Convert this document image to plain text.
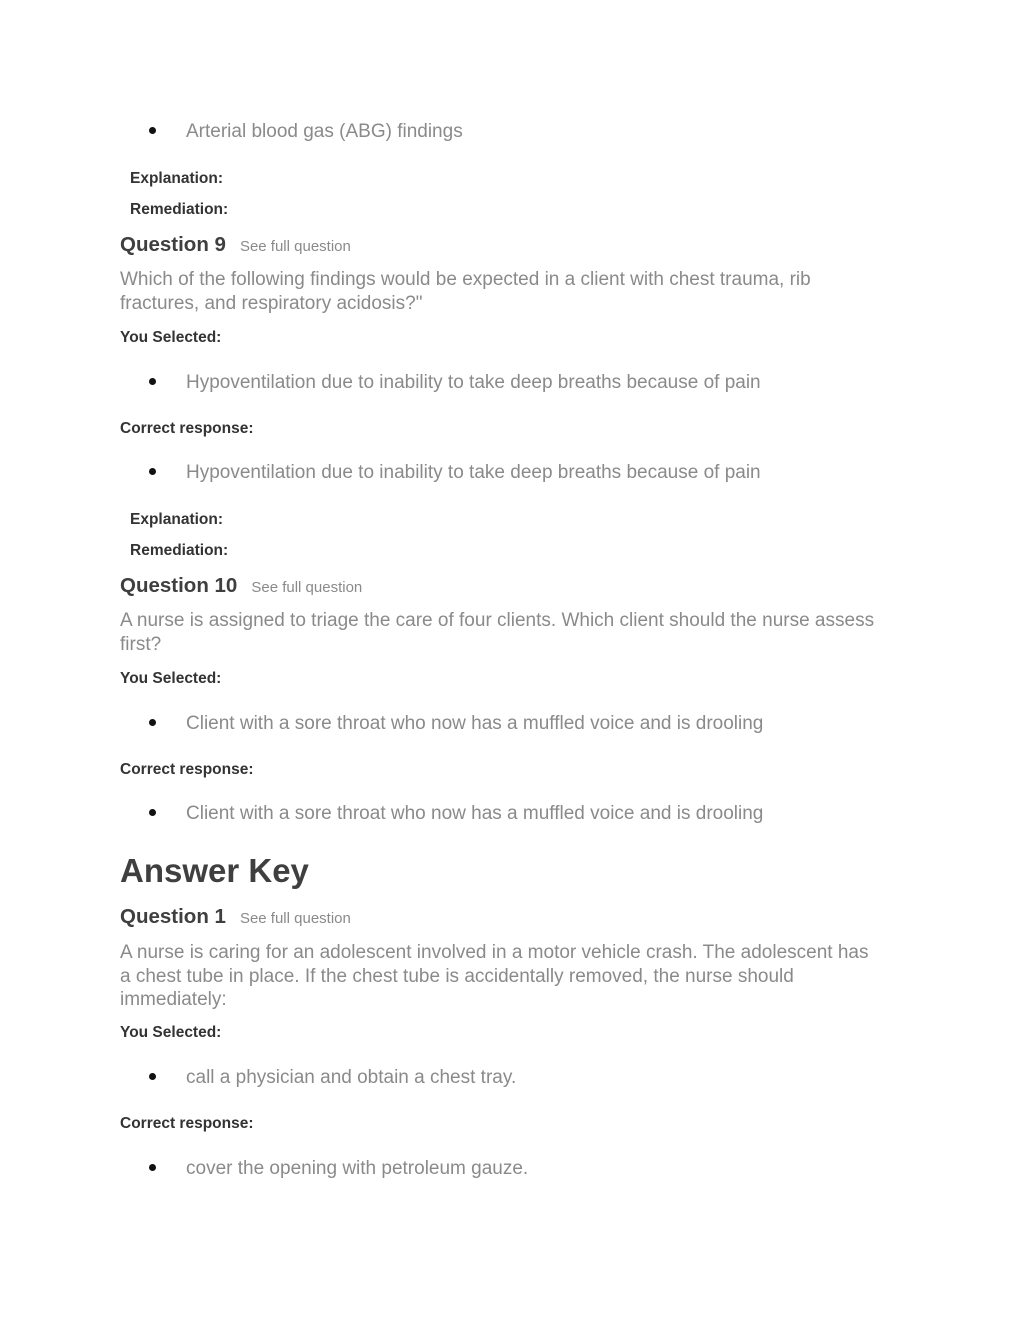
Arterial blood gas (ABG) findings
Explanation:
Remediation:
Question 9 See full question
Which of the following findings would be expected in a client with chest trauma, rib fractures, and respiratory acidosis?"
You Selected:
Hypoventilation due to inability to take deep breaths because of pain
Correct response:
Hypoventilation due to inability to take deep breaths because of pain
Explanation:
Remediation:
Question 10 See full question
A nurse is assigned to triage the care of four clients. Which client should the nurse assess first?
You Selected:
Client with a sore throat who now has a muffled voice and is drooling
Correct response:
Client with a sore throat who now has a muffled voice and is drooling
Answer Key
Question 1 See full question
A nurse is caring for an adolescent involved in a motor vehicle crash. The adolescent has a chest tube in place. If the chest tube is accidentally removed, the nurse should immediately:
You Selected:
call a physician and obtain a chest tray.
Correct response:
cover the opening with petroleum gauze.
